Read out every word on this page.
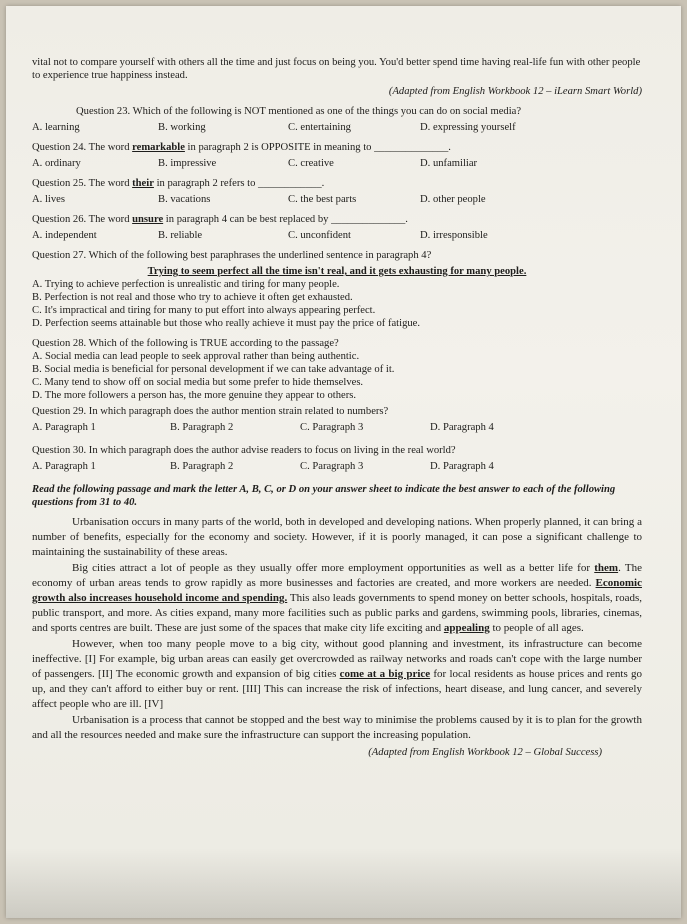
vital not to compare yourself with others all the time and just focus on being you. You'd better spend time having real-life fun with other people to experience true happiness instead.

(Adapted from English Workbook 12 – iLearn Smart World)

Question 23. Which of the following is NOT mentioned as one of the things you can do on social media?

A. learning	B. working	C. entertaining	D. expressing yourself

Question 24. The word remarkable in paragraph 2 is OPPOSITE in meaning to ______________.

A. ordinary	B. impressive	C. creative	D. unfamiliar

Question 25. The word their in paragraph 2 refers to ____________.

A. lives	B. vacations	C. the best parts	D. other people

Question 26. The word unsure in paragraph 4 can be best replaced by ______________.

A. independent	B. reliable	C. unconfident	D. irresponsible

Question 27. Which of the following best paraphrases the underlined sentence in paragraph 4?

Trying to seem perfect all the time isn't real, and it gets exhausting for many people.

A. Trying to achieve perfection is unrealistic and tiring for many people.

B. Perfection is not real and those who try to achieve it often get exhausted.

C. It's impractical and tiring for many to put effort into always appearing perfect.

D. Perfection seems attainable but those who really achieve it must pay the price of fatigue.

Question 28. Which of the following is TRUE according to the passage?

A. Social media can lead people to seek approval rather than being authentic.

B. Social media is beneficial for personal development if we can take advantage of it.

C. Many tend to show off on social media but some prefer to hide themselves.

D. The more followers a person has, the more genuine they appear to others.

Question 29. In which paragraph does the author mention strain related to numbers?

A. Paragraph 1	B. Paragraph 2	C. Paragraph 3	D. Paragraph 4

Question 30. In which paragraph does the author advise readers to focus on living in the real world?

A. Paragraph 1	B. Paragraph 2	C. Paragraph 3	D. Paragraph 4

Read the following passage and mark the letter A, B, C, or D on your answer sheet to indicate the best answer to each of the following questions from 31 to 40.

Urbanisation occurs in many parts of the world, both in developed and developing nations. When properly planned, it can bring a number of benefits, especially for the economy and society. However, if it is poorly managed, it can pose a significant challenge to maintaining the sustainability of these areas.

Big cities attract a lot of people as they usually offer more employment opportunities as well as a better life for them. The economy of urban areas tends to grow rapidly as more businesses and factories are created, and more workers are needed. Economic growth also increases household income and spending. This also leads governments to spend money on better schools, hospitals, roads, public transport, and more. As cities expand, many more facilities such as public parks and gardens, swimming pools, libraries, cinemas, and sports centres are built. These are just some of the spaces that make city life exciting and appealing to people of all ages.

However, when too many people move to a big city, without good planning and investment, its infrastructure can become ineffective. [I] For example, big urban areas can easily get overcrowded as railway networks and roads can't cope with the large number of passengers. [II] The economic growth and expansion of big cities come at a big price for local residents as house prices and rents go up, and they can't afford to either buy or rent. [III] This can increase the risk of infections, heart disease, and lung cancer, and severely affect people who are ill. [IV]

Urbanisation is a process that cannot be stopped and the best way to minimise the problems caused by it is to plan for the growth and all the resources needed and make sure the infrastructure can support the increasing population.

(Adapted from English Workbook 12 – Global Success)
